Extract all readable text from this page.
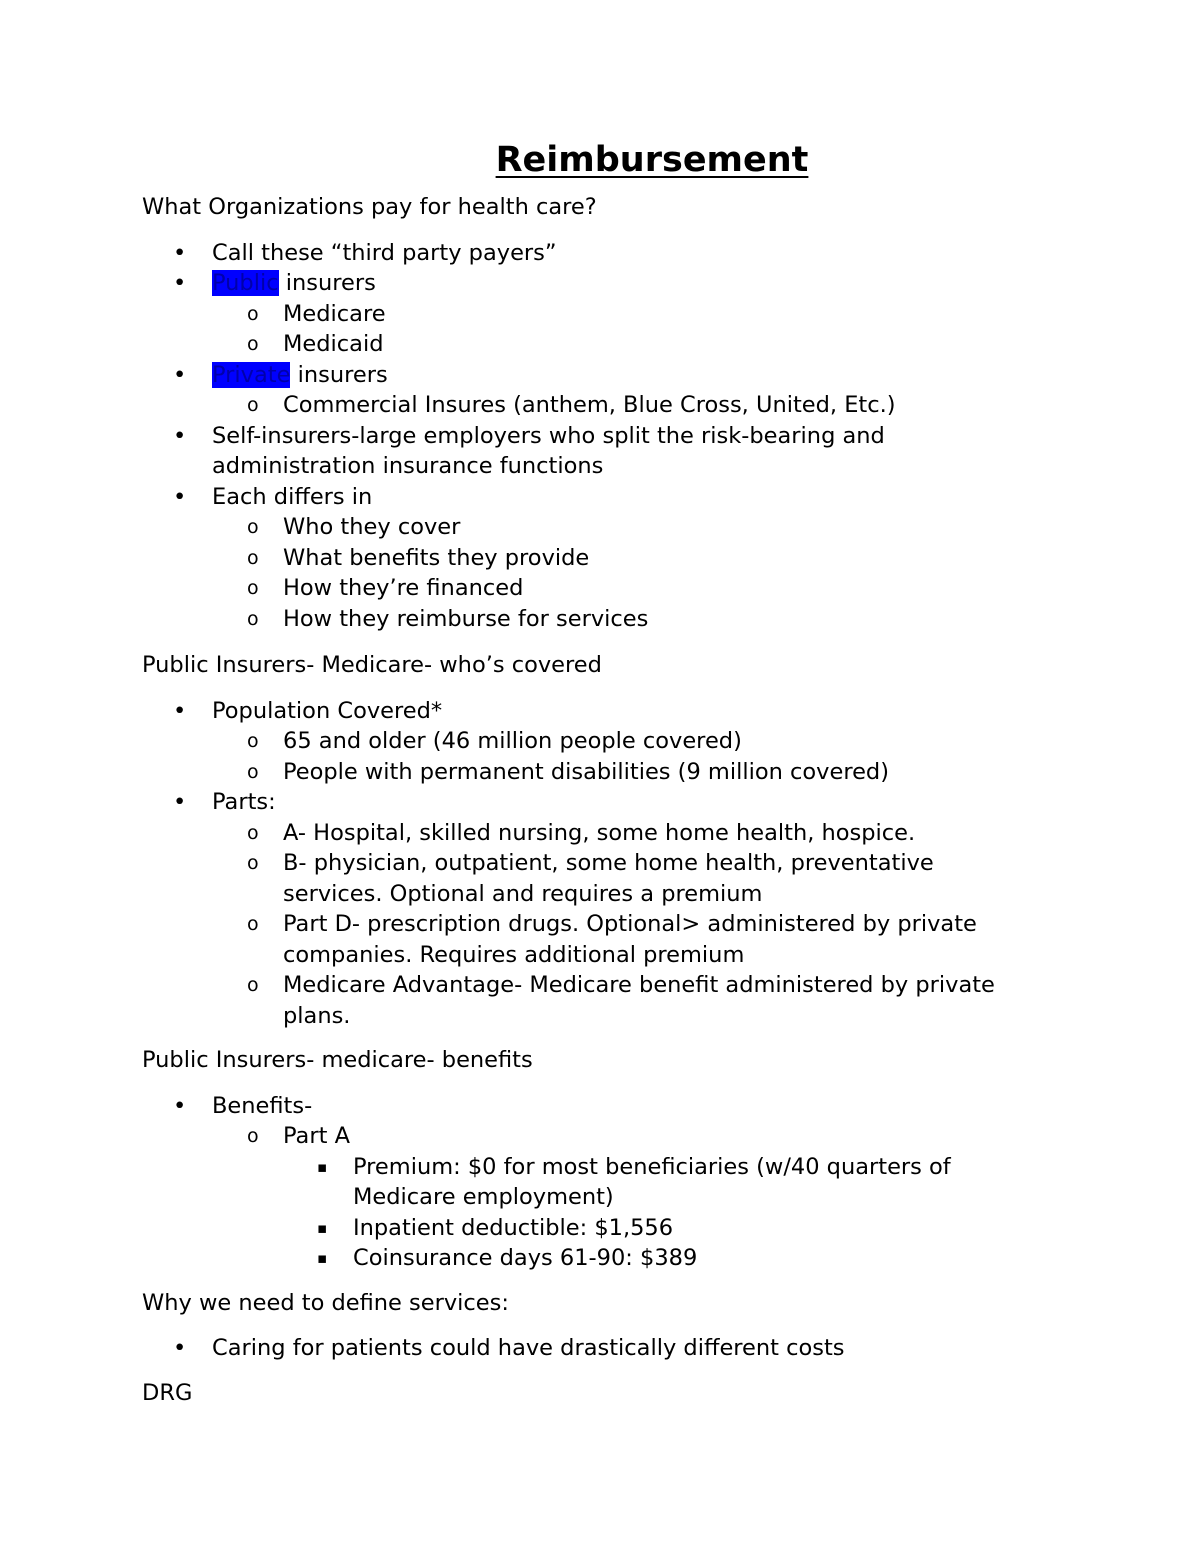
Reimbursement

What Organizations pay for health care?

• Call these “third party payers”
• Public insurers
o Medicare
o Medicaid
• Private insurers
o Commercial Insures (anthem, Blue Cross, United, Etc.)
• Self-insurers-large employers who split the risk-bearing and administration insurance functions
• Each differs in
o Who they cover
o What benefits they provide
o How they’re financed
o How they reimburse for services

Public Insurers- Medicare- who’s covered

• Population Covered*
o 65 and older (46 million people covered)
o People with permanent disabilities (9 million covered)
• Parts:
o A- Hospital, skilled nursing, some home health, hospice.
o B- physician, outpatient, some home health, preventative services. Optional and requires a premium
o Part D- prescription drugs. Optional> administered by private companies. Requires additional premium
o Medicare Advantage- Medicare benefit administered by private plans.

Public Insurers- medicare- benefits

• Benefits-
o Part A
▪ Premium: $0 for most beneficiaries (w/40 quarters of Medicare employment)
▪ Inpatient deductible: $1,556
▪ Coinsurance days 61-90: $389

Why we need to define services:

• Caring for patients could have drastically different costs

DRG
